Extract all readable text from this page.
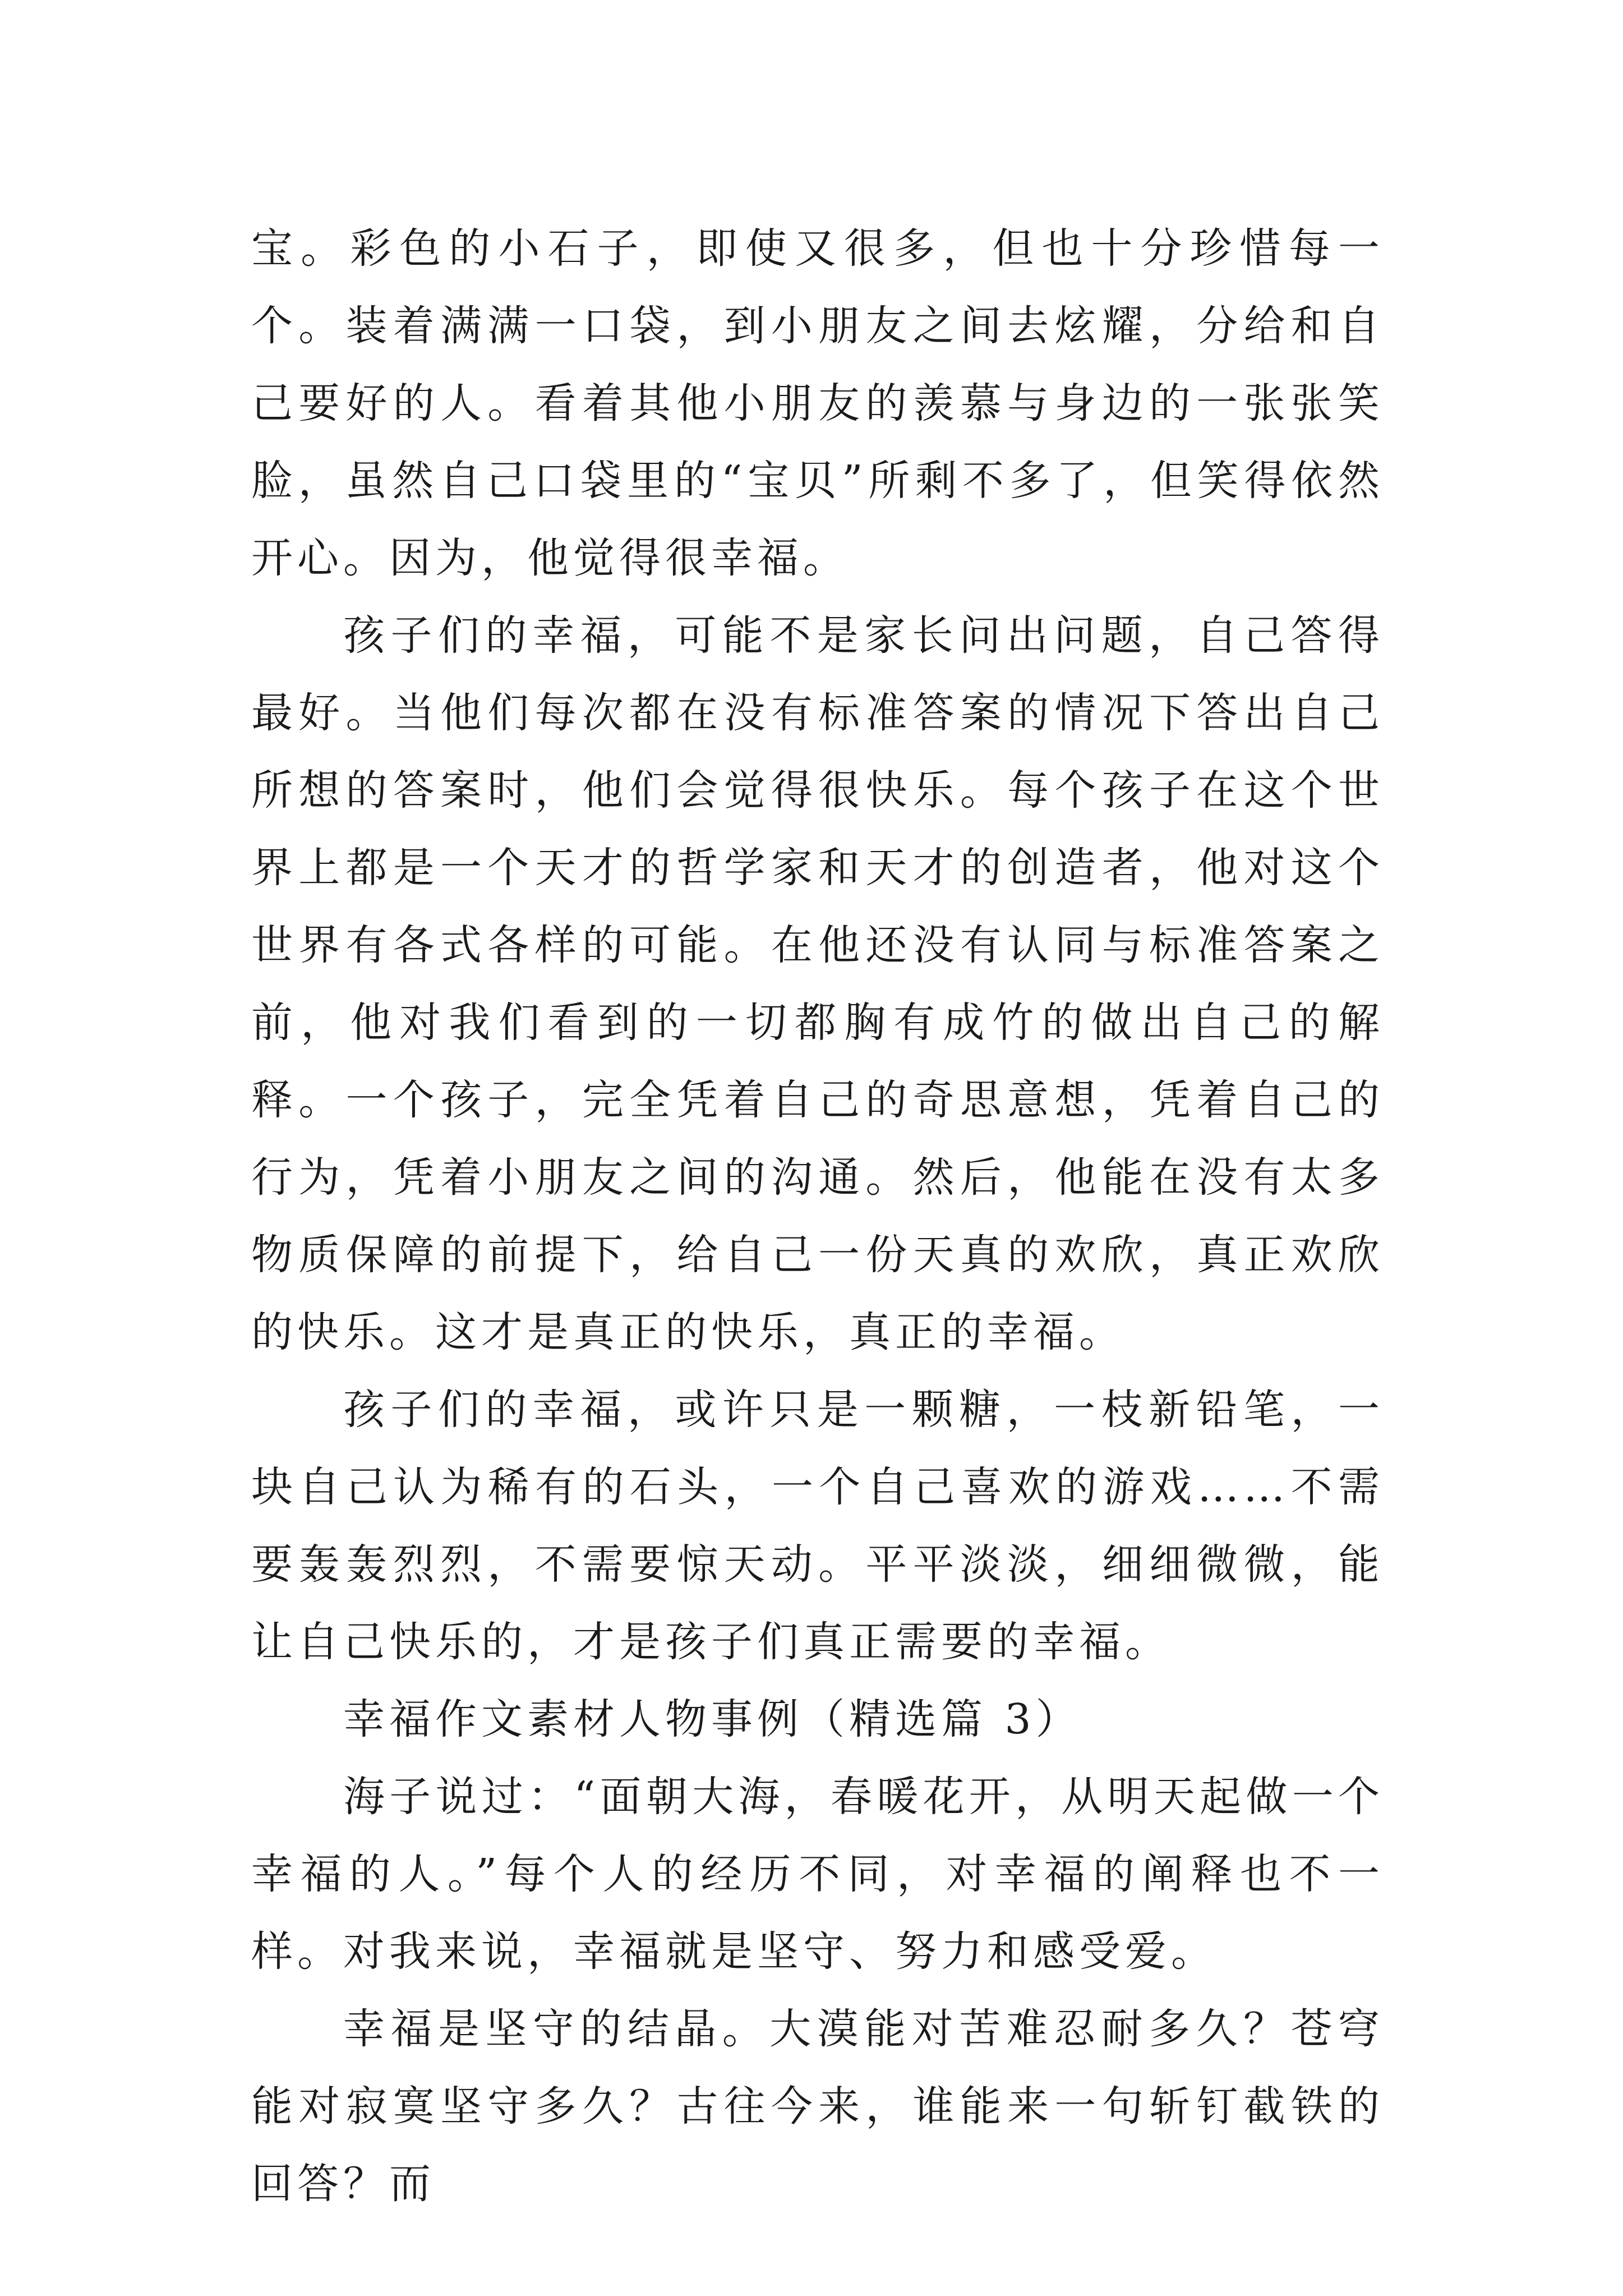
宝。彩色的小石子，即使又很多，但也十分珍惜每一个。装着满满一口袋，到小朋友之间去炫耀，分给和自己要好的人。看着其他小朋友的羡慕与身边的一张张笑脸，虽然自己口袋里的“宝贝”所剩不多了，但笑得依然开心。因为，他觉得很幸福。

孩子们的幸福，可能不是家长问出问题，自己答得最好。当他们每次都在没有标准答案的情况下答出自己所想的答案时，他们会觉得很快乐。每个孩子在这个世界上都是一个天才的哲学家和天才的创造者，他对这个世界有各式各样的可能。在他还没有认同与标准答案之前，他对我们看到的一切都胸有成竹的做出自己的解释。一个孩子，完全凭着自己的奇思意想，凭着自己的行为，凭着小朋友之间的沟通。然后，他能在没有太多物质保障的前提下，给自己一份天真的欢欣，真正欢欣的快乐。这才是真正的快乐，真正的幸福。

孩子们的幸福，或许只是一颗糖，一枝新铅笔，一块自己认为稀有的石头，一个自己喜欢的游戏……不需要轰轰烈烈，不需要惊天动。平平淡淡，细细微微，能让自己快乐的，才是孩子们真正需要的幸福。

幸福作文素材人物事例（精选篇 3）

海子说过：“面朝大海，春暖花开，从明天起做一个幸福的人。”每个人的经历不同，对幸福的阐释也不一样。对我来说，幸福就是坚守、努力和感受爱。

幸福是坚守的结晶。大漠能对苦难忍耐多久？苍穹能对寂寞坚守多久？古往今来，谁能来一句斩钉截铁的回答？而
